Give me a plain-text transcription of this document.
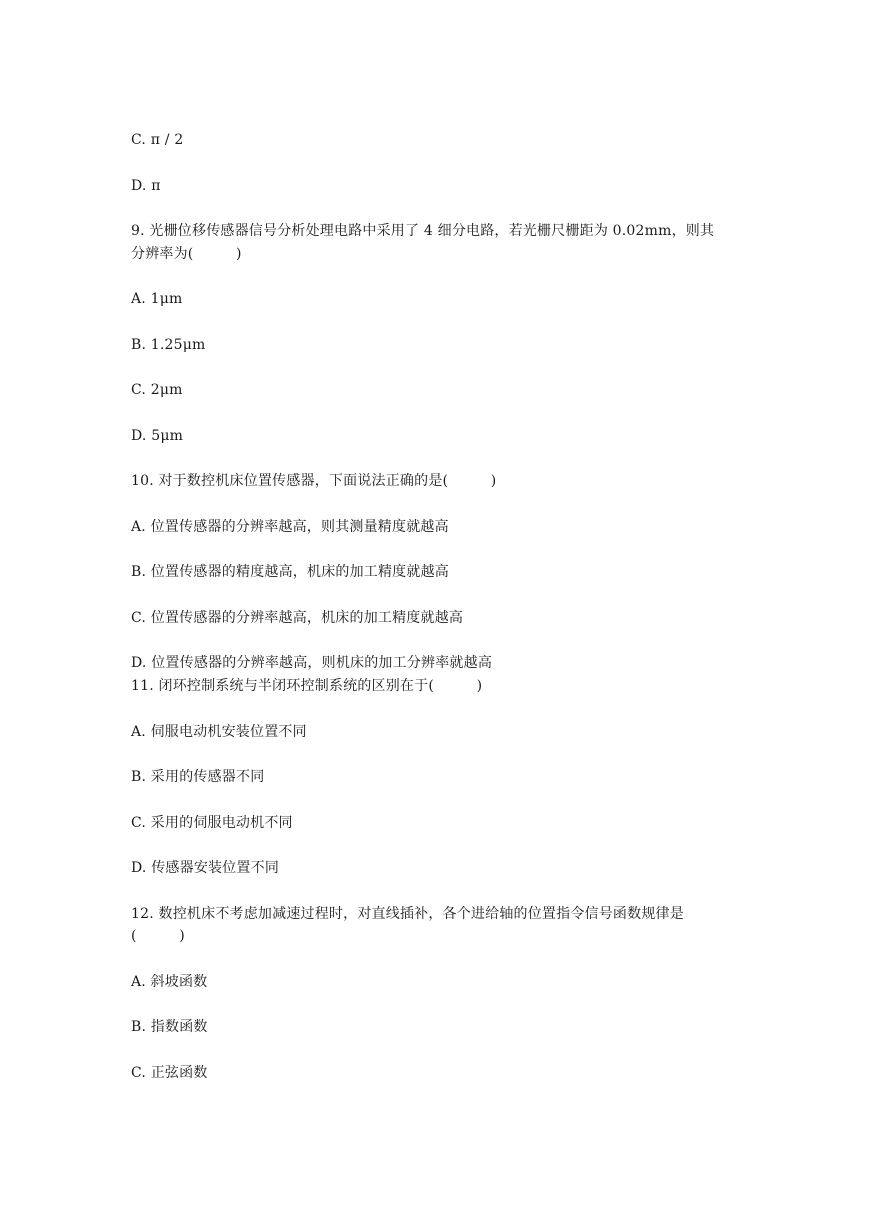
C. π / 2
D. π
9. 光栅位移传感器信号分析处理电路中采用了 4 细分电路，若光栅尺栅距为 0.02mm，则其
分辨率为(　　　)
A. 1μm
B. 1.25μm
C. 2μm
D. 5μm
10. 对于数控机床位置传感器，下面说法正确的是(　　　)
A. 位置传感器的分辨率越高，则其测量精度就越高
B. 位置传感器的精度越高，机床的加工精度就越高
C. 位置传感器的分辨率越高，机床的加工精度就越高
D. 位置传感器的分辨率越高，则机床的加工分辨率就越高
11. 闭环控制系统与半闭环控制系统的区别在于(　　　)
A. 伺服电动机安装位置不同
B. 采用的传感器不同
C. 采用的伺服电动机不同
D. 传感器安装位置不同
12. 数控机床不考虑加减速过程时，对直线插补，各个进给轴的位置指令信号函数规律是
(　　　)
A. 斜坡函数
B. 指数函数
C. 正弦函数
